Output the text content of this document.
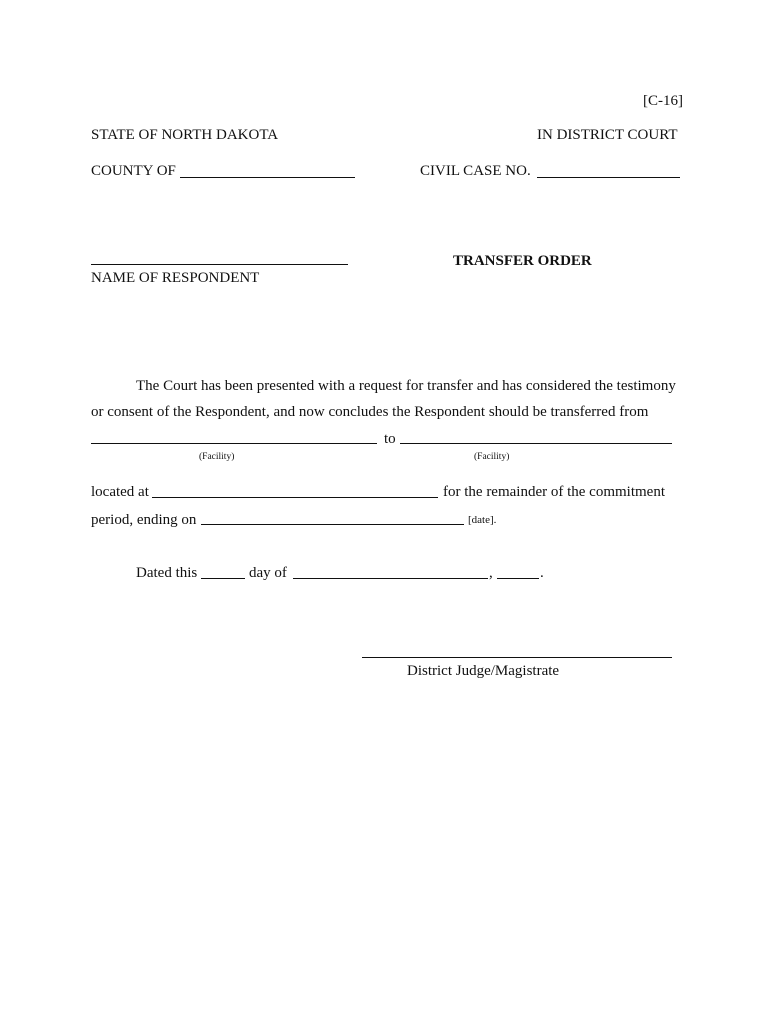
[C-16]
STATE OF NORTH DAKOTA	IN DISTRICT COURT
COUNTY OF	CIVIL CASE NO.
NAME OF RESPONDENT
TRANSFER ORDER
The Court has been presented with a request for transfer and has considered the testimony
or consent of the Respondent, and now concludes the Respondent should be transferred from
to
(Facility)	(Facility)
located at	for the remainder of the commitment
period, ending on	[date].
Dated this	day of	,	.
District Judge/Magistrate
